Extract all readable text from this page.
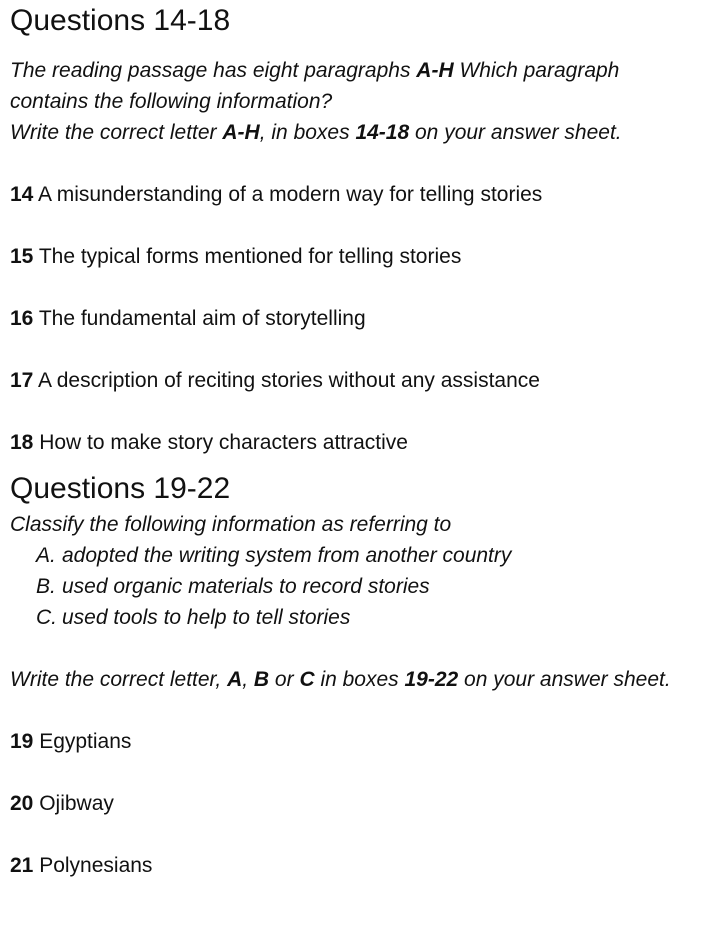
Questions 14-18

The reading passage has eight paragraphs A-H Which paragraph contains the following information?

Write the correct letter A-H, in boxes 14-18 on your answer sheet.

14 A misunderstanding of a modern way for telling stories

15 The typical forms mentioned for telling stories

16 The fundamental aim of storytelling

17 A description of reciting stories without any assistance

18 How to make story characters attractive

Questions 19-22

Classify the following information as referring to

A. adopted the writing system from another country

B. used organic materials to record stories

C. used tools to help to tell stories

Write the correct letter, A, B or C in boxes 19-22 on your answer sheet.

19 Egyptians

20 Ojibway

21 Polynesians
